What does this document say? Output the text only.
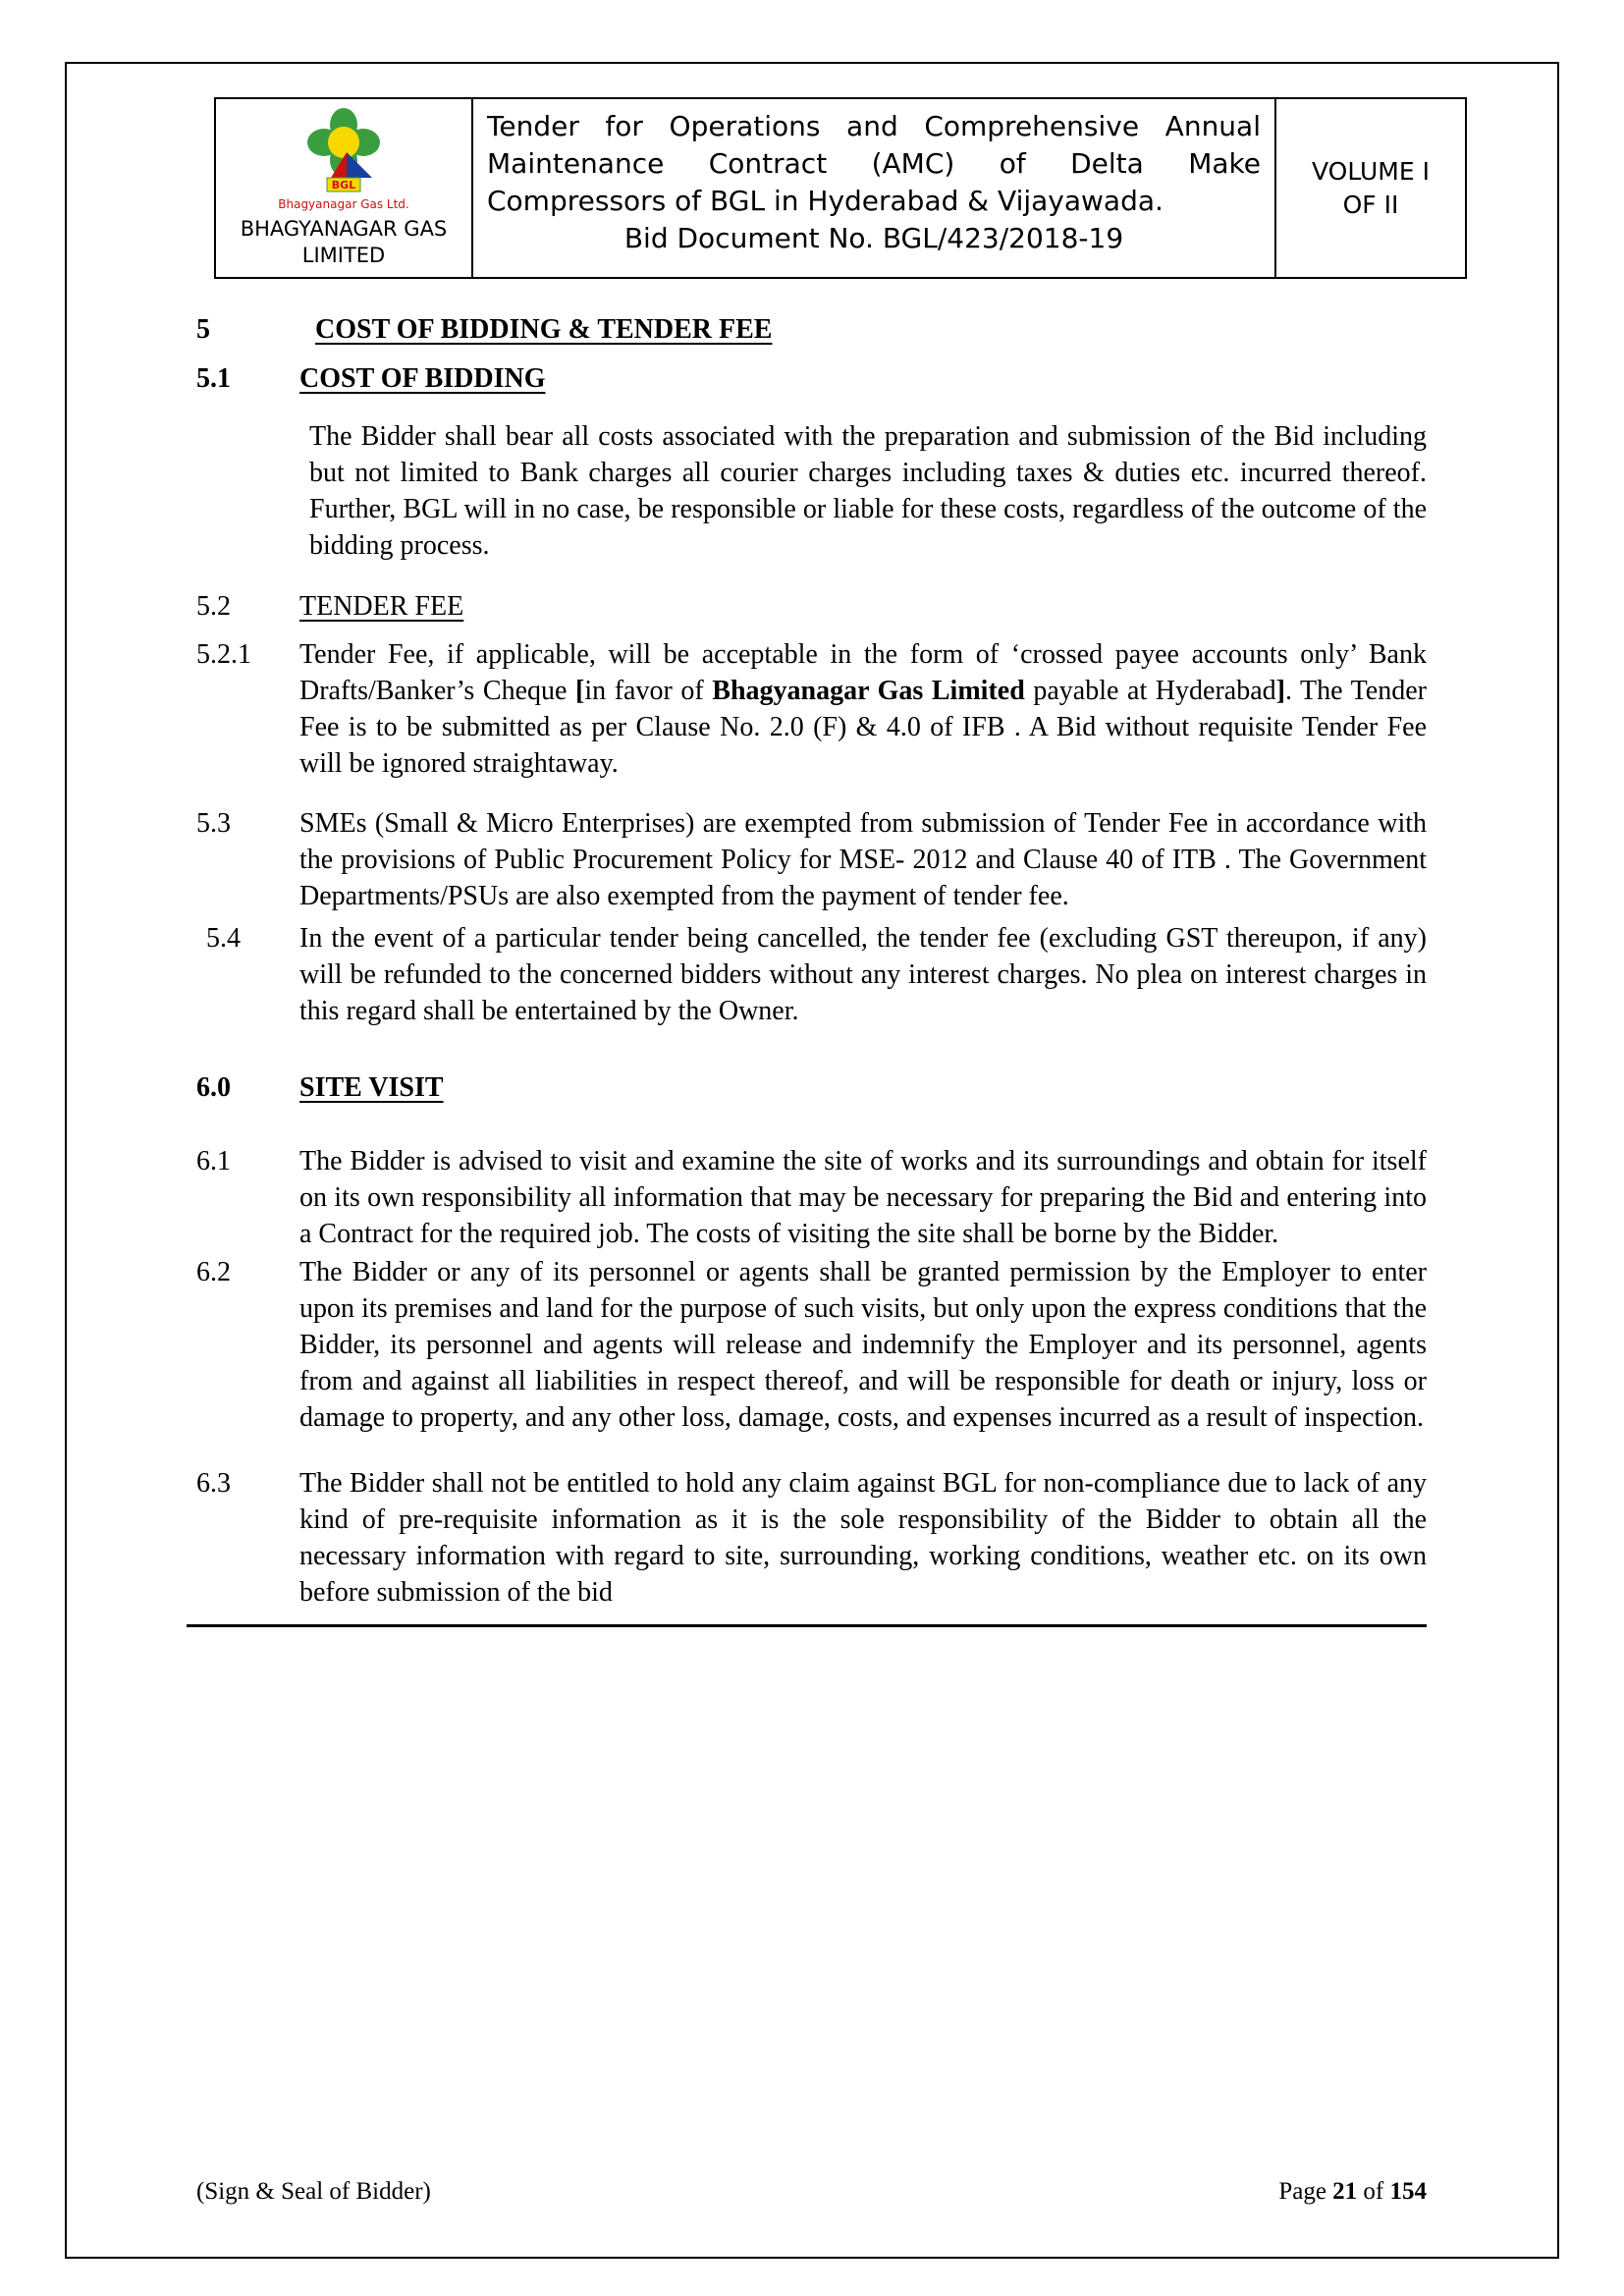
BGL
Bhagyanagar Gas Ltd.
BHAGYANAGAR GAS
LIMITED
Tender for Operations and Comprehensive Annual Maintenance Contract (AMC) of Delta Make Compressors of BGL in Hyderabad & Vijayawada.
Bid Document No. BGL/423/2018-19
VOLUME I
OF II
5	COST OF BIDDING & TENDER FEE
5.1	COST OF BIDDING
The Bidder shall bear all costs associated with the preparation and submission of the Bid including but not limited to Bank charges all courier charges including taxes & duties etc. incurred thereof. Further, BGL will in no case, be responsible or liable for these costs, regardless of the outcome of the bidding process.
5.2	TENDER FEE
5.2.1	Tender Fee, if applicable, will be acceptable in the form of ‘crossed payee accounts only’ Bank Drafts/Banker’s Cheque [in favor of Bhagyanagar Gas Limited payable at Hyderabad]. The Tender Fee is to be submitted as per Clause No. 2.0 (F) & 4.0 of IFB . A Bid without requisite Tender Fee will be ignored straightaway.
5.3	SMEs (Small & Micro Enterprises) are exempted from submission of Tender Fee in accordance with the provisions of Public Procurement Policy for MSE- 2012 and Clause 40 of ITB . The Government Departments/PSUs are also exempted from the payment of tender fee.
5.4	In the event of a particular tender being cancelled, the tender fee (excluding GST thereupon, if any) will be refunded to the concerned bidders without any interest charges. No plea on interest charges in this regard shall be entertained by the Owner.
6.0	SITE VISIT
6.1	The Bidder is advised to visit and examine the site of works and its surroundings and obtain for itself on its own responsibility all information that may be necessary for preparing the Bid and entering into a Contract for the required job. The costs of visiting the site shall be borne by the Bidder.
6.2	The Bidder or any of its personnel or agents shall be granted permission by the Employer to enter upon its premises and land for the purpose of such visits, but only upon the express conditions that the Bidder, its personnel and agents will release and indemnify the Employer and its personnel, agents from and against all liabilities in respect thereof, and will be responsible for death or injury, loss or damage to property, and any other loss, damage, costs, and expenses incurred as a result of inspection.
6.3	The Bidder shall not be entitled to hold any claim against BGL for non-compliance due to lack of any kind of pre-requisite information as it is the sole responsibility of the Bidder to obtain all the necessary information with regard to site, surrounding, working conditions, weather etc. on its own before submission of the bid
(Sign & Seal of Bidder)	Page 21 of 154
